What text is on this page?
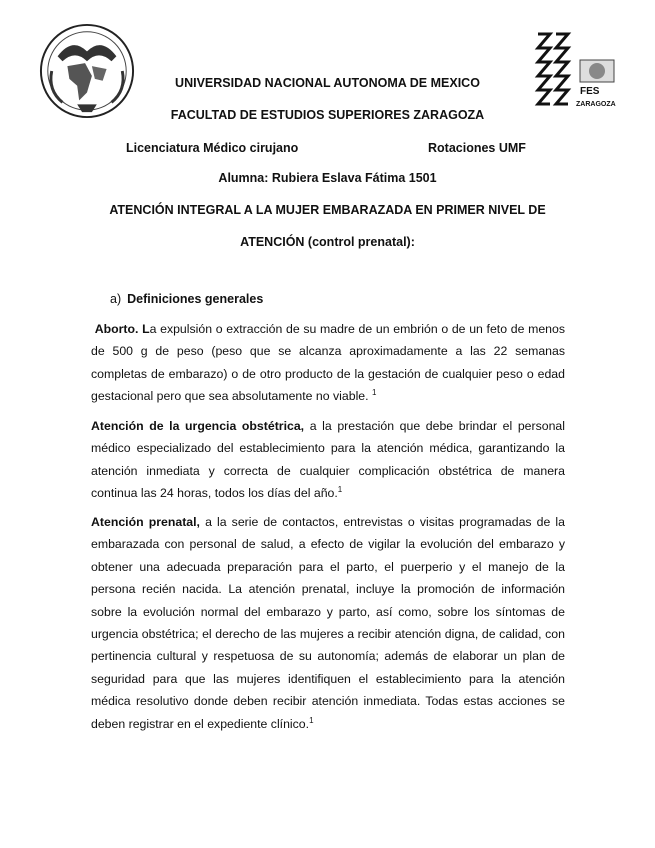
FES
ZARAGOZA
UNIVERSIDAD NACIONAL AUTONOMA DE MEXICO
FACULTAD DE ESTUDIOS SUPERIORES ZARAGOZA
Licenciatura Médico cirujano	Rotaciones UMF
Alumna: Rubiera Eslava Fátima 1501
ATENCIÓN INTEGRAL A LA MUJER EMBARAZADA EN PRIMER NIVEL DE
ATENCIÓN (control prenatal):
a) Definiciones generales
Aborto. La expulsión o extracción de su madre de un embrión o de un feto de menos de 500 g de peso (peso que se alcanza aproximadamente a las 22 semanas completas de embarazo) o de otro producto de la gestación de cualquier peso o edad gestacional pero que sea absolutamente no viable. $^1$
Atención de la urgencia obstétrica, a la prestación que debe brindar el personal médico especializado del establecimiento para la atención médica, garantizando la atención inmediata y correcta de cualquier complicación obstétrica de manera continua las 24 horas, todos los días del año.$^1$
Atención prenatal, a la serie de contactos, entrevistas o visitas programadas de la embarazada con personal de salud, a efecto de vigilar la evolución del embarazo y obtener una adecuada preparación para el parto, el puerperio y el manejo de la persona recién nacida. La atención prenatal, incluye la promoción de información sobre la evolución normal del embarazo y parto, así como, sobre los síntomas de urgencia obstétrica; el derecho de las mujeres a recibir atención digna, de calidad, con pertinencia cultural y respetuosa de su autonomía; además de elaborar un plan de seguridad para que las mujeres identifiquen el establecimiento para la atención médica resolutivo donde deben recibir atención inmediata. Todas estas acciones se deben registrar en el expediente clínico.$^1$
